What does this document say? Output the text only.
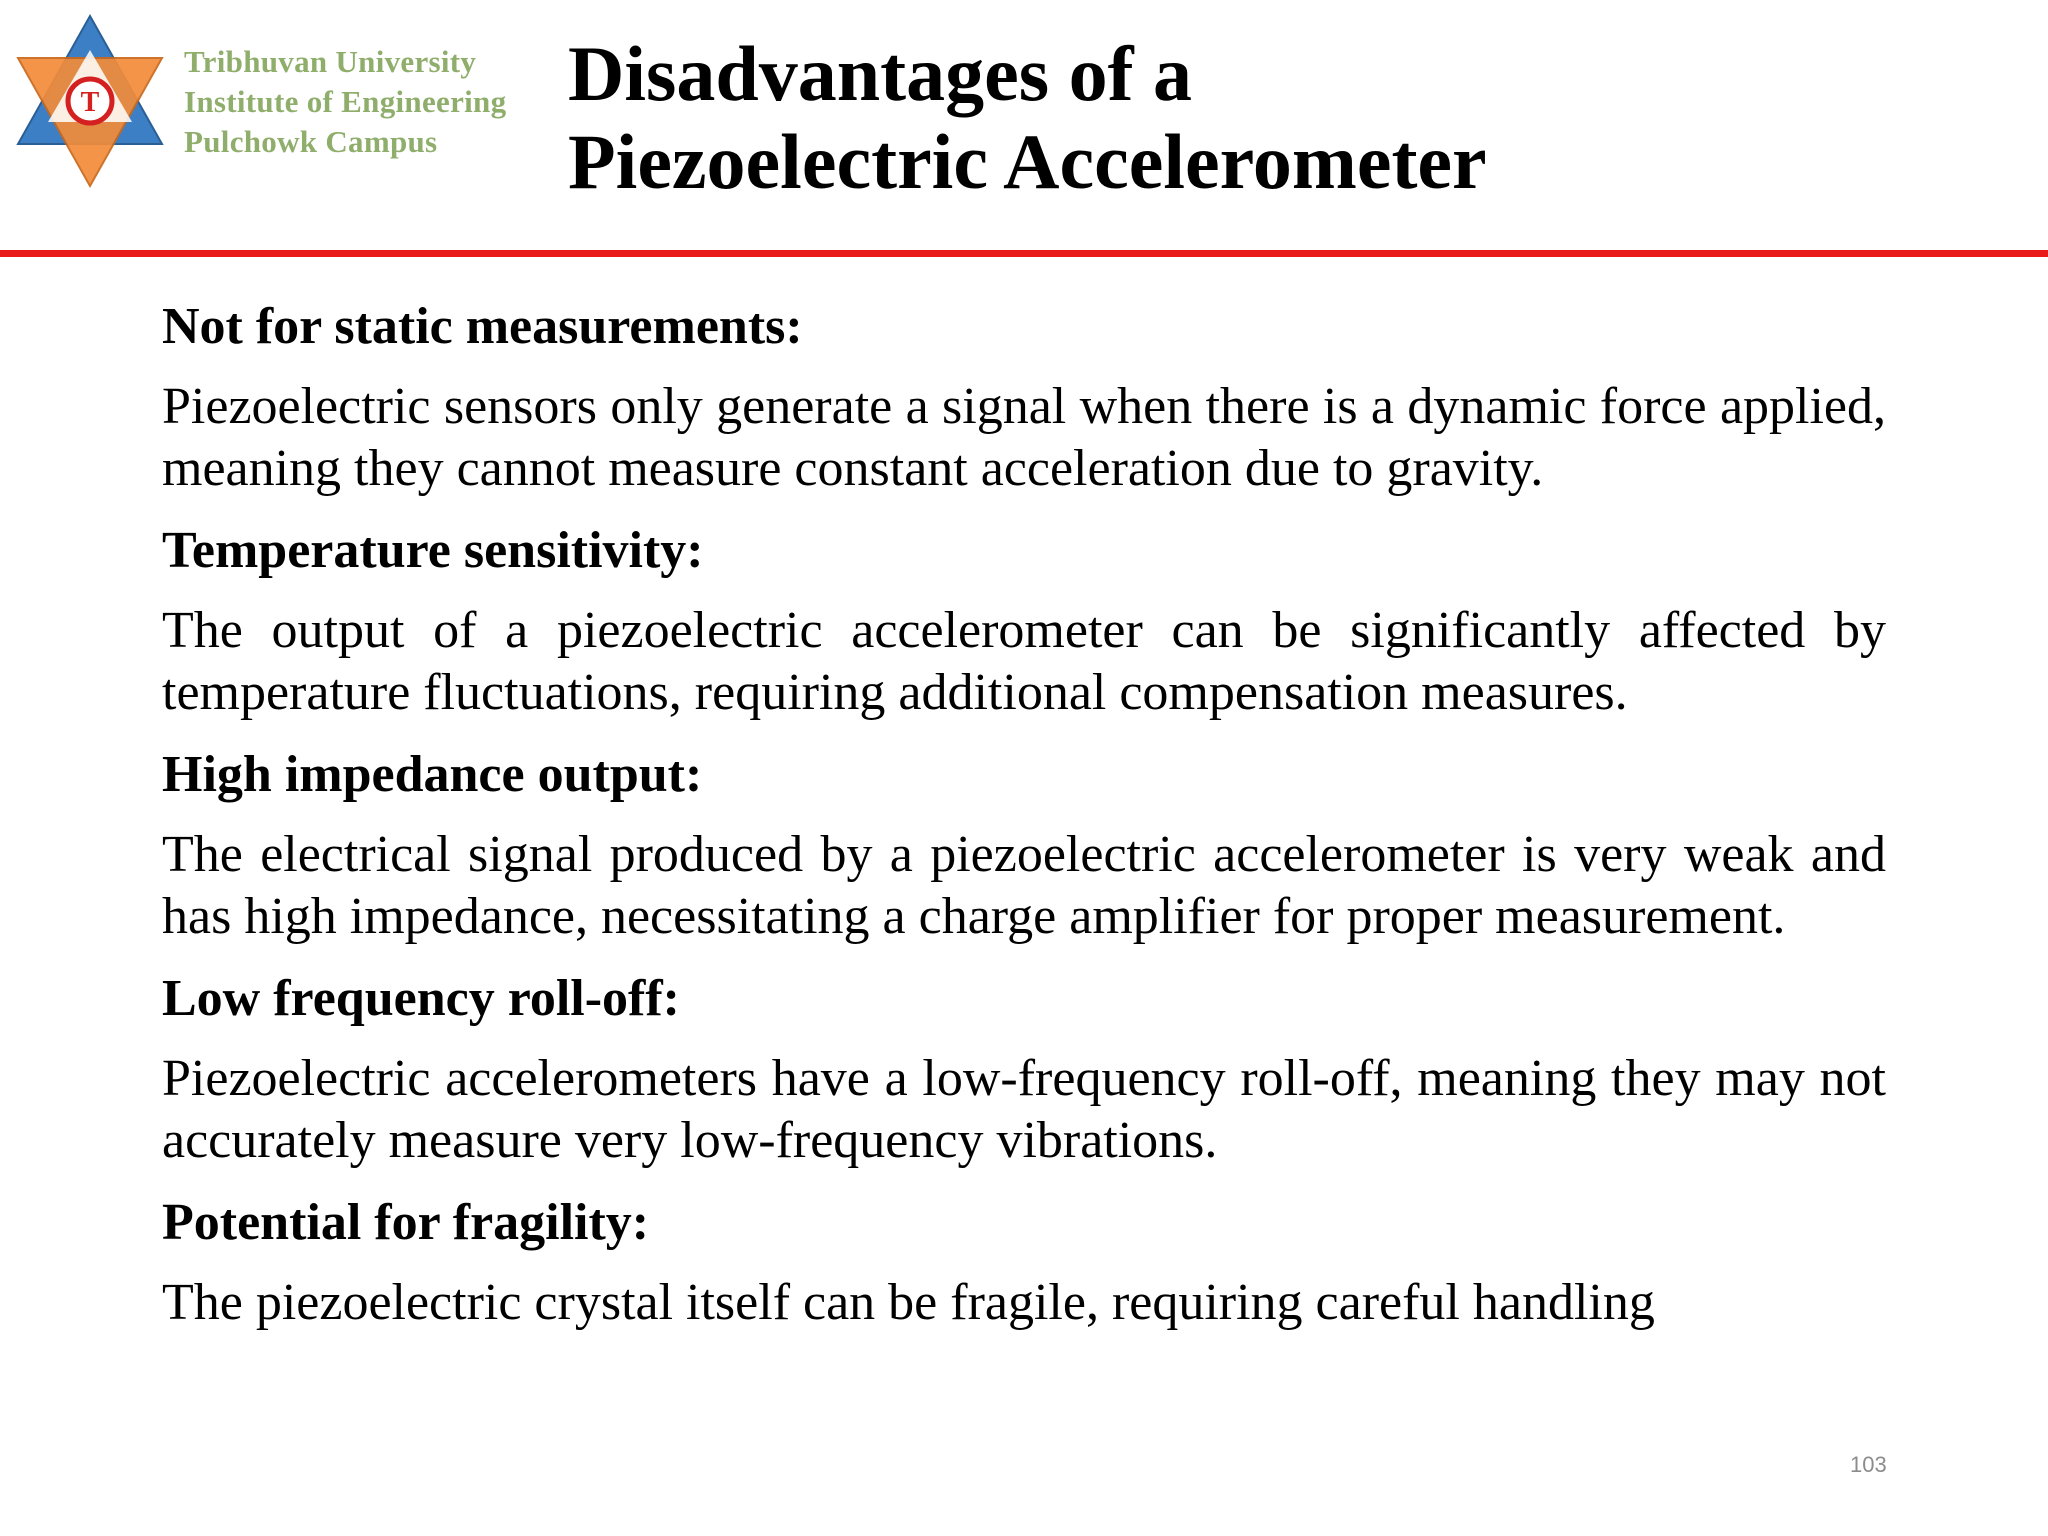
T
Tribhuvan University
Institute of Engineering
Pulchowk Campus
Disadvantages of a
Piezoelectric Accelerometer
Not for static measurements:
Piezoelectric sensors only generate a signal when there is a dynamic force applied, meaning they cannot measure constant acceleration due to gravity.
Temperature sensitivity:
The output of a piezoelectric accelerometer can be significantly affected by temperature fluctuations, requiring additional compensation measures.
High impedance output:
The electrical signal produced by a piezoelectric accelerometer is very weak and has high impedance, necessitating a charge amplifier for proper measurement.
Low frequency roll-off:
Piezoelectric accelerometers have a low-frequency roll-off, meaning they may not accurately measure very low-frequency vibrations.
Potential for fragility:
The piezoelectric crystal itself can be fragile, requiring careful handling
103
